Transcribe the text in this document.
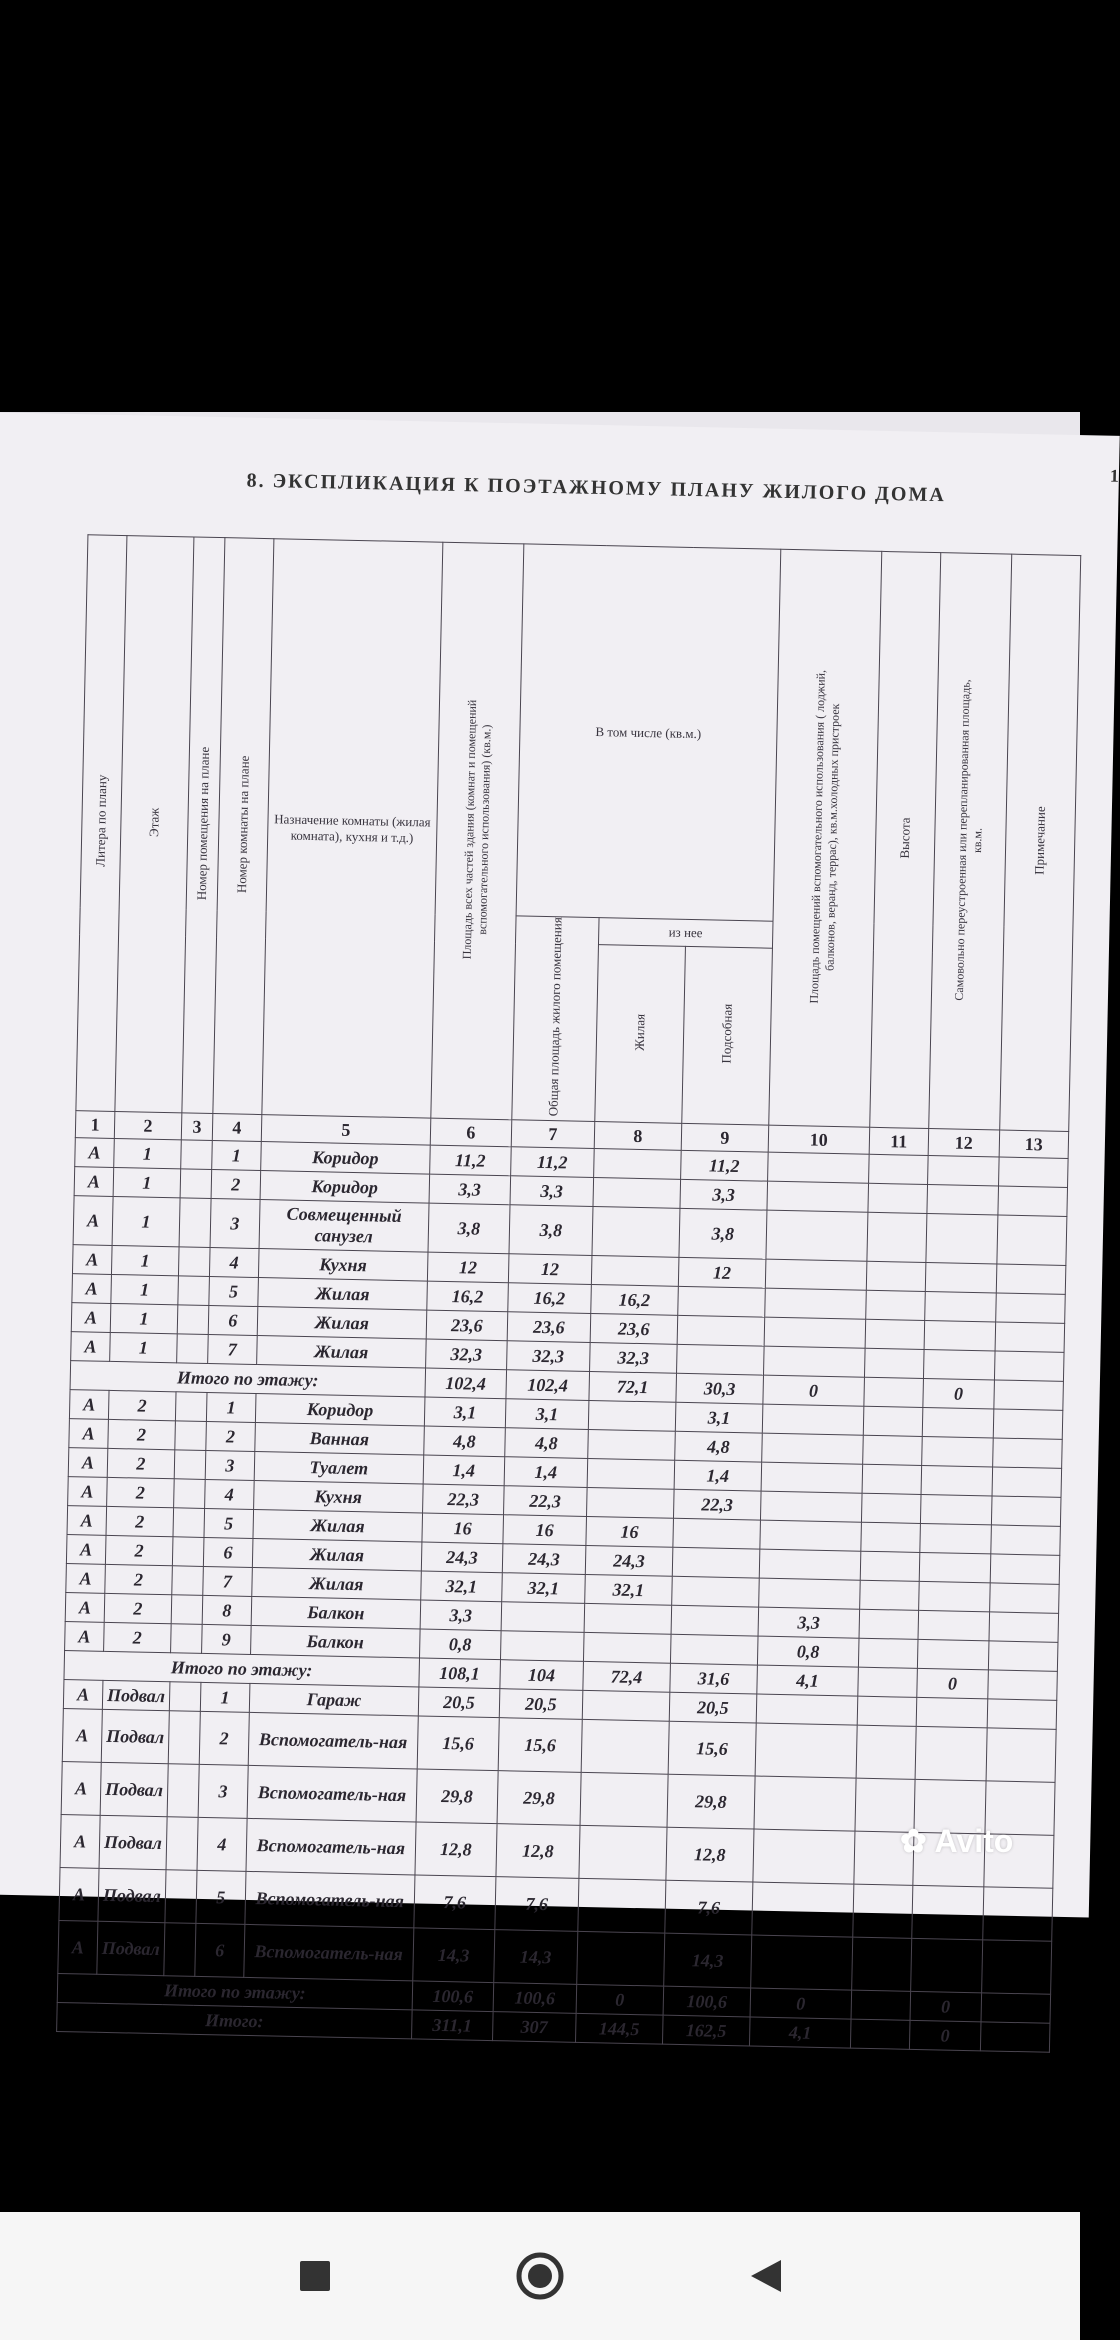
1
8. ЭКСПЛИКАЦИЯ К ПОЭТАЖНОМУ ПЛАНУ ЖИЛОГО ДОМА
Литера по плану	Этаж	Номер помещения на плане	Номер комнаты на плане	Назначение комнаты (жилая комната), кухня и т.д.)	Площадь всех частей здания (комнат и помещений вспомогательного использования) (кв.м.)	В том числе (кв.м.)			Площадь помещений вспомогательного использования ( лоджий, балконов, веранд, террас), кв.м.холодных пристроек	Высота	Самовольно переустроенная или перепланированная площадь, кв.м.	Примечание
						Общая площадь жилого помещения	из нее					
							Жилая	Подсобная				
1	2	3	4	5	6	7	8	9	10	11	12	13
А	1		1	Коридор	11,2	11,2		11,2				
А	1		2	Коридор	3,3	3,3		3,3				
А	1		3	Совмещенный санузел	3,8	3,8		3,8				
А	1		4	Кухня	12	12		12				
А	1		5	Жилая	16,2	16,2	16,2					
А	1		6	Жилая	23,6	23,6	23,6					
А	1		7	Жилая	32,3	32,3	32,3					
Итого по этажу:					102,4	102,4	72,1	30,3	0		0	
А	2		1	Коридор	3,1	3,1		3,1				
А	2		2	Ванная	4,8	4,8		4,8				
А	2		3	Туалет	1,4	1,4		1,4				
А	2		4	Кухня	22,3	22,3		22,3				
А	2		5	Жилая	16	16	16					
А	2		6	Жилая	24,3	24,3	24,3					
А	2		7	Жилая	32,1	32,1	32,1					
А	2		8	Балкон	3,3				3,3			
А	2		9	Балкон	0,8				0,8			
Итого по этажу:					108,1	104	72,4	31,6	4,1		0	
А	Подвал		1	Гараж	20,5	20,5		20,5				
А	Подвал		2	Вспомогатель-ная	15,6	15,6		15,6				
А	Подвал		3	Вспомогатель-ная	29,8	29,8		29,8				
А	Подвал		4	Вспомогатель-ная	12,8	12,8		12,8				
А	Подвал		5	Вспомогатель-ная	7,6	7,6		7,6				
А	Подвал		6	Вспомогатель-ная	14,3	14,3		14,3				
Итого по этажу:					100,6	100,6	0	100,6	0		0	
Итого:					311,1	307	144,5	162,5	4,1		0	
✿ Avito
